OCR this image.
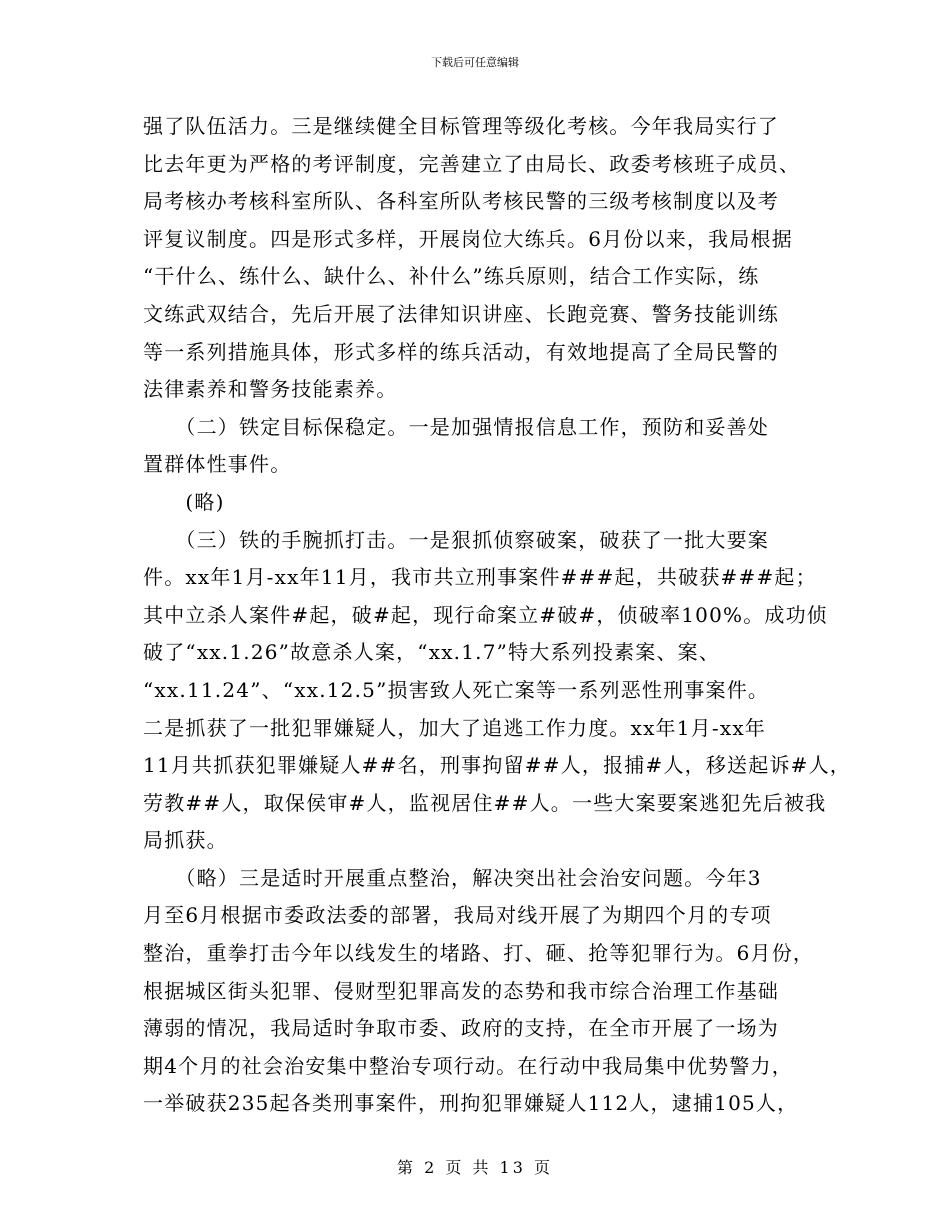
下载后可任意编辑
强了队伍活力。三是继续健全目标管理等级化考核。今年我局实行了
比去年更为严格的考评制度，完善建立了由局长、政委考核班子成员、
局考核办考核科室所队、各科室所队考核民警的三级考核制度以及考
评复议制度。四是形式多样，开展岗位大练兵。6月份以来，我局根据
“干什么、练什么、缺什么、补什么”练兵原则，结合工作实际，练
文练武双结合，先后开展了法律知识讲座、长跑竞赛、警务技能训练
等一系列措施具体，形式多样的练兵活动，有效地提高了全局民警的
法律素养和警务技能素养。
　　（二）铁定目标保稳定。一是加强情报信息工作，预防和妥善处
置群体性事件。
　　(略)
　　（三）铁的手腕抓打击。一是狠抓侦察破案，破获了一批大要案
件。xx年1月-xx年11月，我市共立刑事案件###起，共破获###起；
其中立杀人案件#起，破#起，现行命案立#破#，侦破率100%。成功侦
破了“xx.1.26”故意杀人案，“xx.1.7”特大系列投素案、案、
“xx.11.24”、“xx.12.5”损害致人死亡案等一系列恶性刑事案件。
二是抓获了一批犯罪嫌疑人，加大了追逃工作力度。xx年1月-xx年
11月共抓获犯罪嫌疑人##名，刑事拘留##人，报捕#人，移送起诉#人，
劳教##人，取保侯审#人，监视居住##人。一些大案要案逃犯先后被我
局抓获。
　　（略）三是适时开展重点整治，解决突出社会治安问题。今年3
月至6月根据市委政法委的部署，我局对线开展了为期四个月的专项
整治，重拳打击今年以线发生的堵路、打、砸、抢等犯罪行为。6月份，
根据城区街头犯罪、侵财型犯罪高发的态势和我市综合治理工作基础
薄弱的情况，我局适时争取市委、政府的支持，在全市开展了一场为
期4个月的社会治安集中整治专项行动。在行动中我局集中优势警力，
一举破获235起各类刑事案件，刑拘犯罪嫌疑人112人，逮捕105人，
第 2 页 共 13 页
